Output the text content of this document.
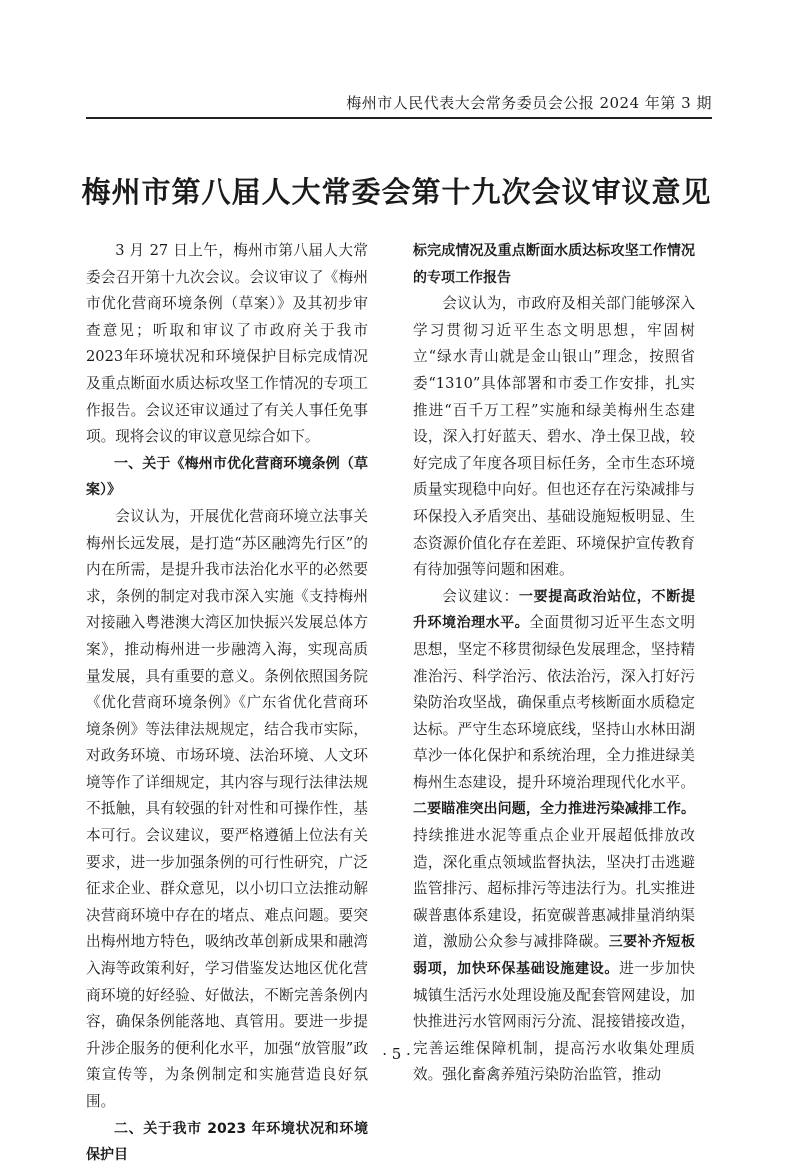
梅州市人民代表大会常务委员会公报 2024 年第 3 期
梅州市第八届人大常委会第十九次会议审议意见

3 月 27 日上午，梅州市第八届人大常委会召开第十九次会议。会议审议了《梅州市优化营商环境条例（草案）》及其初步审查意见；听取和审议了市政府关于我市2023年环境状况和环境保护目标完成情况及重点断面水质达标攻坚工作情况的专项工作报告。会议还审议通过了有关人事任免事项。现将会议的审议意见综合如下。

一、关于《梅州市优化营商环境条例（草案）》

会议认为，开展优化营商环境立法事关梅州长远发展，是打造“苏区融湾先行区”的内在所需，是提升我市法治化水平的必然要求，条例的制定对我市深入实施《支持梅州对接融入粤港澳大湾区加快振兴发展总体方案》，推动梅州进一步融湾入海，实现高质量发展，具有重要的意义。条例依照国务院《优化营商环境条例》《广东省优化营商环境条例》等法律法规规定，结合我市实际，对政务环境、市场环境、法治环境、人文环境等作了详细规定，其内容与现行法律法规不抵触，具有较强的针对性和可操作性，基本可行。会议建议，要严格遵循上位法有关要求，进一步加强条例的可行性研究，广泛征求企业、群众意见，以小切口立法推动解决营商环境中存在的堵点、难点问题。要突出梅州地方特色，吸纳改革创新成果和融湾入海等政策利好，学习借鉴发达地区优化营商环境的好经验、好做法，不断完善条例内容，确保条例能落地、真管用。要进一步提升涉企服务的便利化水平，加强“放管服”政策宣传等，为条例制定和实施营造良好氛围。

二、关于我市 2023 年环境状况和环境保护目

标完成情况及重点断面水质达标攻坚工作情况的专项工作报告

会议认为，市政府及相关部门能够深入学习贯彻习近平生态文明思想，牢固树立“绿水青山就是金山银山”理念，按照省委“1310”具体部署和市委工作安排，扎实推进“百千万工程”实施和绿美梅州生态建设，深入打好蓝天、碧水、净土保卫战，较好完成了年度各项目标任务，全市生态环境质量实现稳中向好。但也还存在污染减排与环保投入矛盾突出、基础设施短板明显、生态资源价值化存在差距、环境保护宣传教育有待加强等问题和困难。

会议建议：一要提高政治站位，不断提升环境治理水平。全面贯彻习近平生态文明思想，坚定不移贯彻绿色发展理念，坚持精准治污、科学治污、依法治污，深入打好污染防治攻坚战，确保重点考核断面水质稳定达标。严守生态环境底线，坚持山水林田湖草沙一体化保护和系统治理，全力推进绿美梅州生态建设，提升环境治理现代化水平。二要瞄准突出问题，全力推进污染减排工作。持续推进水泥等重点企业开展超低排放改造，深化重点领域监督执法，坚决打击逃避监管排污、超标排污等违法行为。扎实推进碳普惠体系建设，拓宽碳普惠减排量消纳渠道，激励公众参与减排降碳。三要补齐短板弱项，加快环保基础设施建设。进一步加快城镇生活污水处理设施及配套管网建设，加快推进污水管网雨污分流、混接错接改造，完善运维保障机制，提高污水收集处理质效。强化畜禽养殖污染防治监管，推动

· 5 ·
